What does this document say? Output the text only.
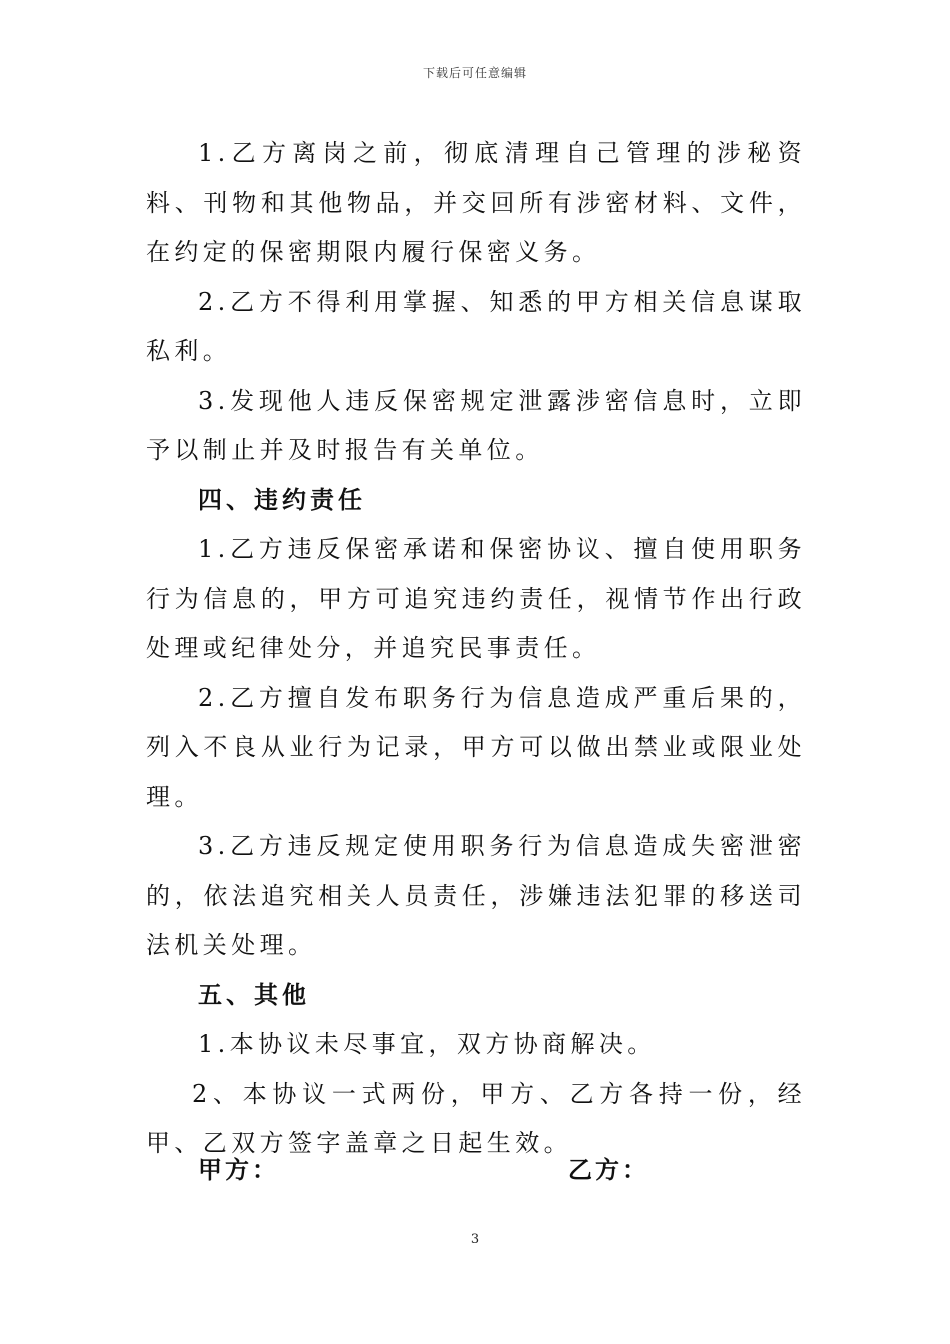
下载后可任意编辑

1.乙方离岗之前，彻底清理自己管理的涉秘资料、刊物和其他物品，并交回所有涉密材料、文件，在约定的保密期限内履行保密义务。

2.乙方不得利用掌握、知悉的甲方相关信息谋取私利。

3.发现他人违反保密规定泄露涉密信息时，立即予以制止并及时报告有关单位。

四、违约责任

1.乙方违反保密承诺和保密协议、擅自使用职务行为信息的，甲方可追究违约责任，视情节作出行政处理或纪律处分，并追究民事责任。

2.乙方擅自发布职务行为信息造成严重后果的，列入不良从业行为记录，甲方可以做出禁业或限业处理。

3.乙方违反规定使用职务行为信息造成失密泄密的，依法追究相关人员责任，涉嫌违法犯罪的移送司法机关处理。

五、其他

1.本协议未尽事宜，双方协商解决。

2、本协议一式两份，甲方、乙方各持一份，经甲、乙双方签字盖章之日起生效。

甲方：	乙方：
3
